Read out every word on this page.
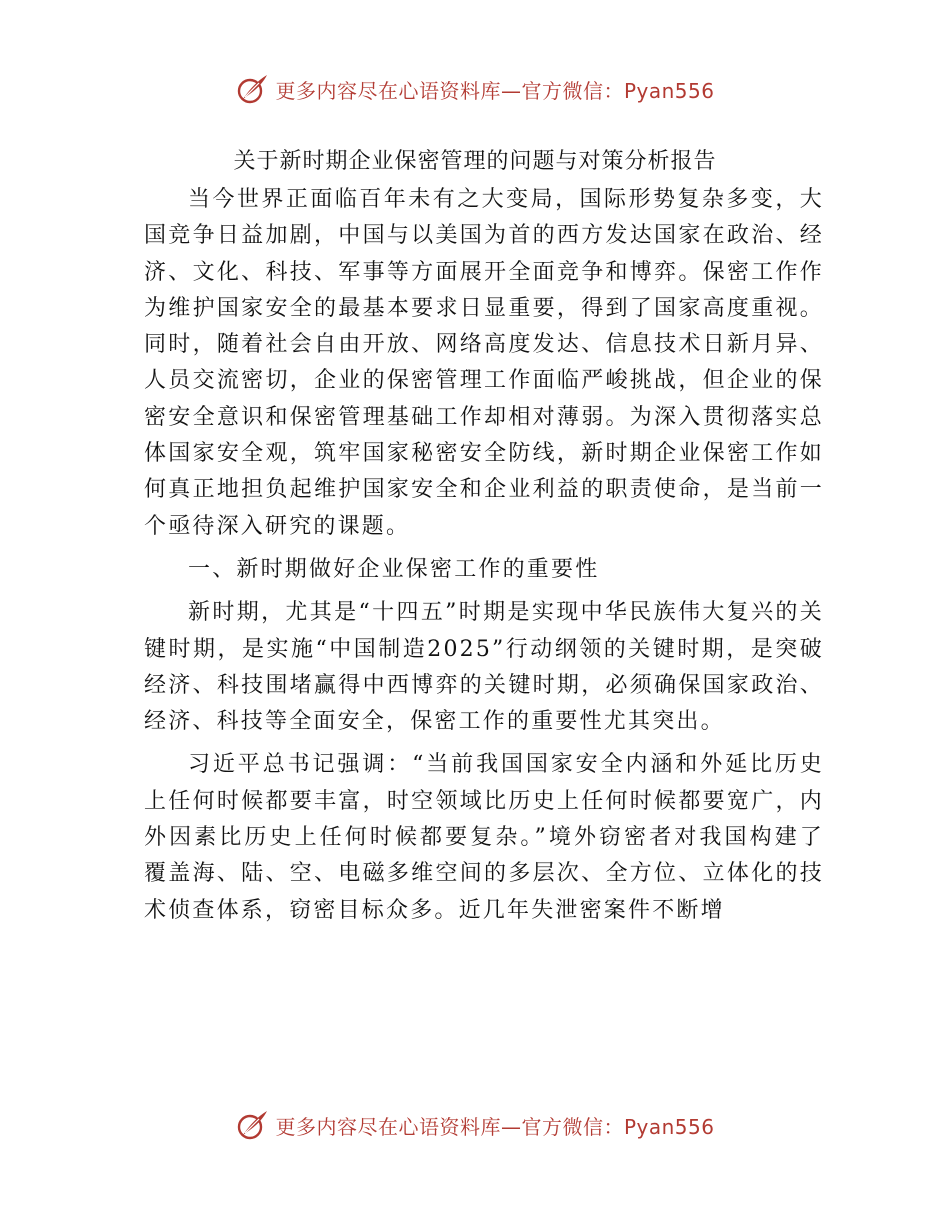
更多内容尽在心语资料库—官方微信：Pyan556
关于新时期企业保密管理的问题与对策分析报告

当今世界正面临百年未有之大变局，国际形势复杂多变，大国竞争日益加剧，中国与以美国为首的西方发达国家在政治、经济、文化、科技、军事等方面展开全面竞争和博弈。保密工作作为维护国家安全的最基本要求日显重要，得到了国家高度重视。同时，随着社会自由开放、网络高度发达、信息技术日新月异、人员交流密切，企业的保密管理工作面临严峻挑战，但企业的保密安全意识和保密管理基础工作却相对薄弱。为深入贯彻落实总体国家安全观，筑牢国家秘密安全防线，新时期企业保密工作如何真正地担负起维护国家安全和企业利益的职责使命，是当前一个亟待深入研究的课题。

一、新时期做好企业保密工作的重要性

新时期，尤其是“十四五”时期是实现中华民族伟大复兴的关键时期，是实施“中国制造2025”行动纲领的关键时期，是突破经济、科技围堵赢得中西博弈的关键时期，必须确保国家政治、经济、科技等全面安全，保密工作的重要性尤其突出。

习近平总书记强调：“当前我国国家安全内涵和外延比历史上任何时候都要丰富，时空领域比历史上任何时候都要宽广，内外因素比历史上任何时候都要复杂。”境外窃密者对我国构建了覆盖海、陆、空、电磁多维空间的多层次、全方位、立体化的技术侦查体系，窃密目标众多。近几年失泄密案件不断增

更多内容尽在心语资料库—官方微信：Pyan556
